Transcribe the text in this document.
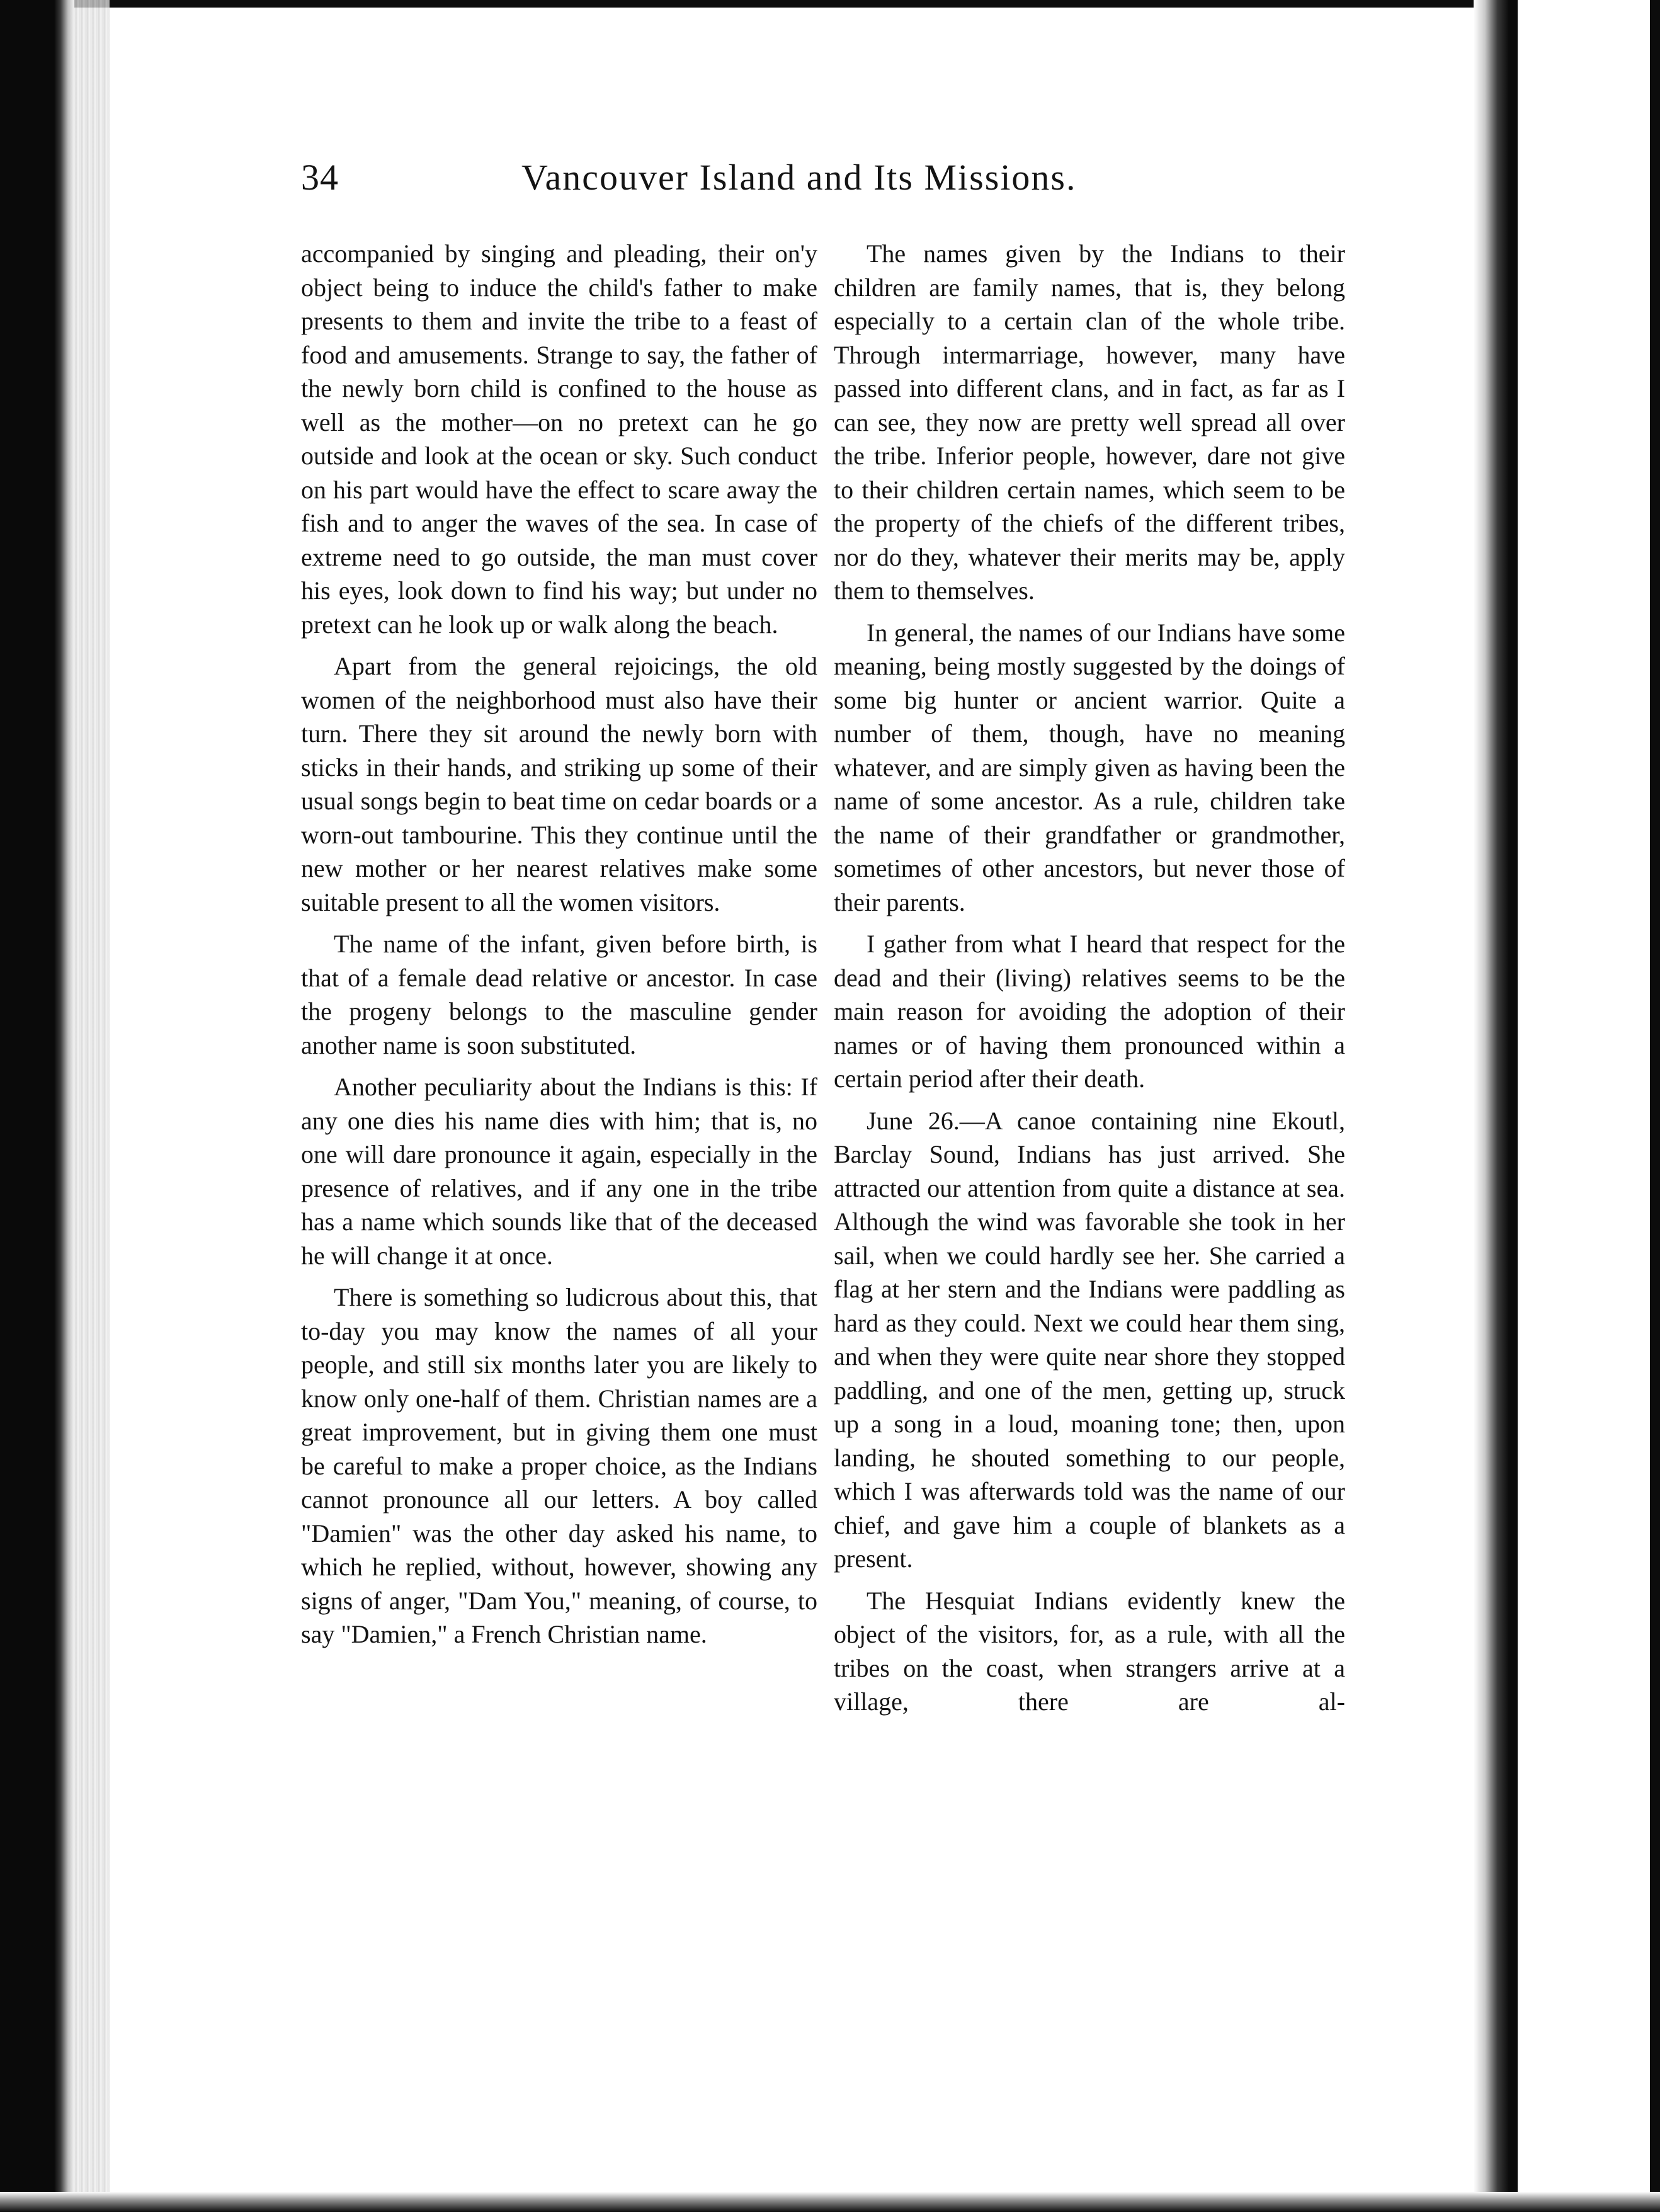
34	Vancouver Island and Its Missions.

accompanied by singing and pleading, their on'y object being to induce the child's father to make presents to them and invite the tribe to a feast of food and amusements. Strange to say, the father of the newly born child is confined to the house as well as the mother—on no pretext can he go outside and look at the ocean or sky. Such conduct on his part would have the effect to scare away the fish and to anger the waves of the sea. In case of extreme need to go outside, the man must cover his eyes, look down to find his way; but under no pretext can he look up or walk along the beach.

Apart from the general rejoicings, the old women of the neighborhood must also have their turn. There they sit around the newly born with sticks in their hands, and striking up some of their usual songs begin to beat time on cedar boards or a worn-out tambourine. This they continue until the new mother or her nearest relatives make some suitable present to all the women visitors.

The name of the infant, given before birth, is that of a female dead relative or ancestor. In case the progeny belongs to the masculine gender another name is soon substituted.

Another peculiarity about the Indians is this: If any one dies his name dies with him; that is, no one will dare pronounce it again, especially in the presence of relatives, and if any one in the tribe has a name which sounds like that of the deceased he will change it at once.

There is something so ludicrous about this, that to-day you may know the names of all your people, and still six months later you are likely to know only one-half of them. Christian names are a great improvement, but in giving them one must be careful to make a proper choice, as the Indians cannot pronounce all our letters. A boy called "Damien" was the other day asked his name, to which he replied, without, however, showing any signs of anger, "Dam You," meaning, of course, to say "Damien," a French Christian name.

The names given by the Indians to their children are family names, that is, they belong especially to a certain clan of the whole tribe. Through intermarriage, however, many have passed into different clans, and in fact, as far as I can see, they now are pretty well spread all over the tribe. Inferior people, however, dare not give to their children certain names, which seem to be the property of the chiefs of the different tribes, nor do they, whatever their merits may be, apply them to themselves.

In general, the names of our Indians have some meaning, being mostly suggested by the doings of some big hunter or ancient warrior. Quite a number of them, though, have no meaning whatever, and are simply given as having been the name of some ancestor. As a rule, children take the name of their grandfather or grandmother, sometimes of other ancestors, but never those of their parents.

I gather from what I heard that respect for the dead and their (living) relatives seems to be the main reason for avoiding the adoption of their names or of having them pronounced within a certain period after their death.

June 26.—A canoe containing nine Ekoutl, Barclay Sound, Indians has just arrived. She attracted our attention from quite a distance at sea. Although the wind was favorable she took in her sail, when we could hardly see her. She carried a flag at her stern and the Indians were paddling as hard as they could. Next we could hear them sing, and when they were quite near shore they stopped paddling, and one of the men, getting up, struck up a song in a loud, moaning tone; then, upon landing, he shouted something to our people, which I was afterwards told was the name of our chief, and gave him a couple of blankets as a present.

The Hesquiat Indians evidently knew the object of the visitors, for, as a rule, with all the tribes on the coast, when strangers arrive at a village, there are al-
